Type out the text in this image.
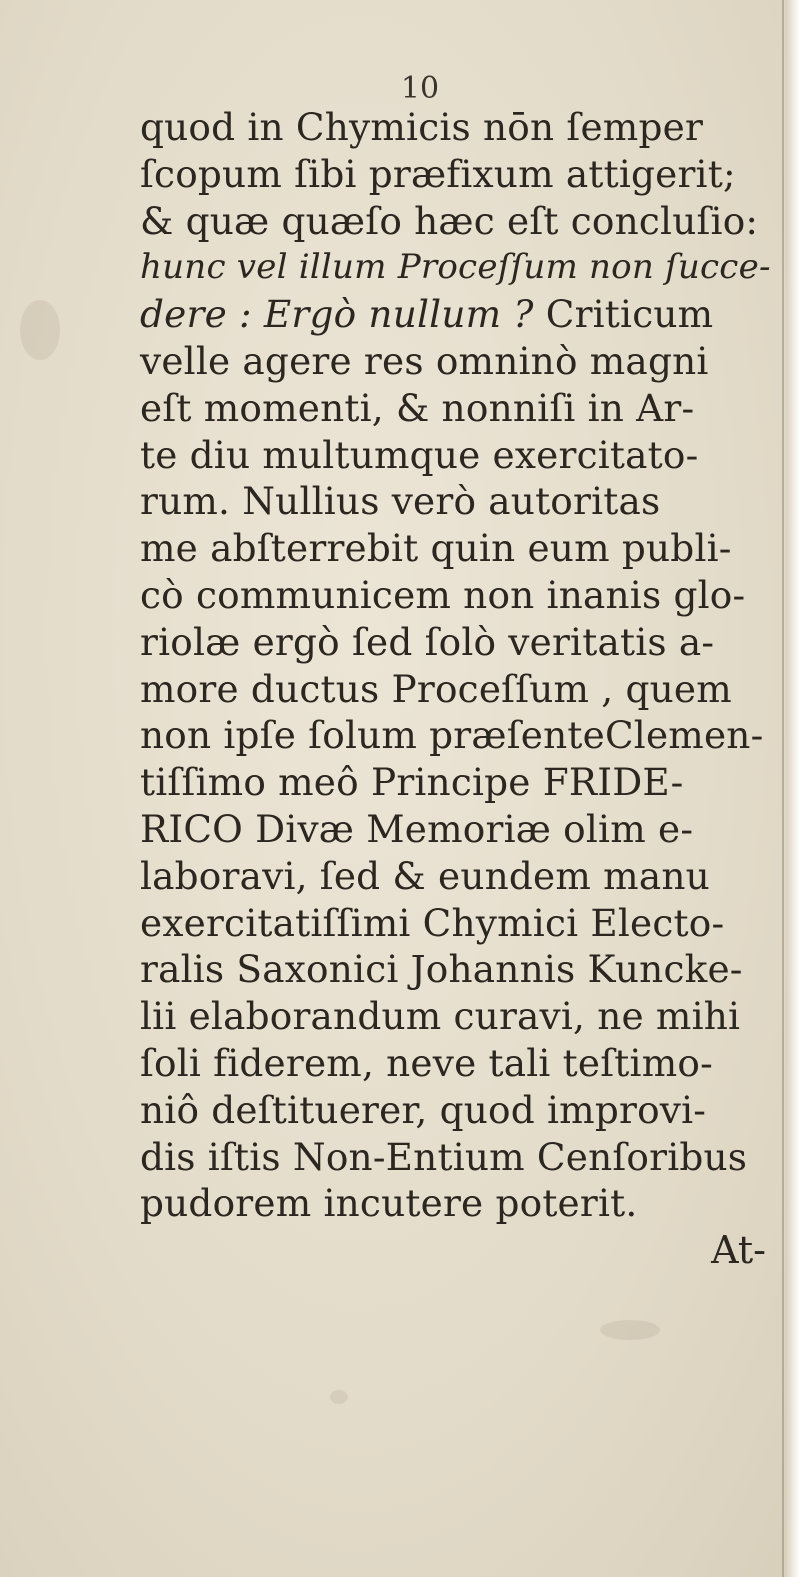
10
quod in Chymicis nōn ſemper
ſcopum ſibi præfixum attigerit;
& quæ quæſo hæc eſt concluſio:
hunc vel illum Proceſſum non ſucce-
dere : Ergò nullum ? Criticum
velle agere res omninò magni
eſt momenti, & nonniſi in Ar-
te diu multumque exercitato-
rum. Nullius verò autoritas
me abſterrebit quin eum publi-
cò communicem non inanis glo-
riolæ ergò ſed ſolò veritatis a-
more ductus Proceſſum , quem
non ipſe ſolum præſenteClemen-
tiſſimo meô Principe FRIDE-
RICO Divæ Memoriæ olim e-
laboravi, ſed & eundem manu
exercitatiſſimi Chymici Electo-
ralis Saxonici Johannis Kuncke-
lii elaborandum curavi, ne mihi
ſoli fiderem, neve tali teſtimo-
niô deſtituerer, quod improvi-
dis iſtis Non-Entium Cenſoribus
pudorem incutere poterit.
At-
